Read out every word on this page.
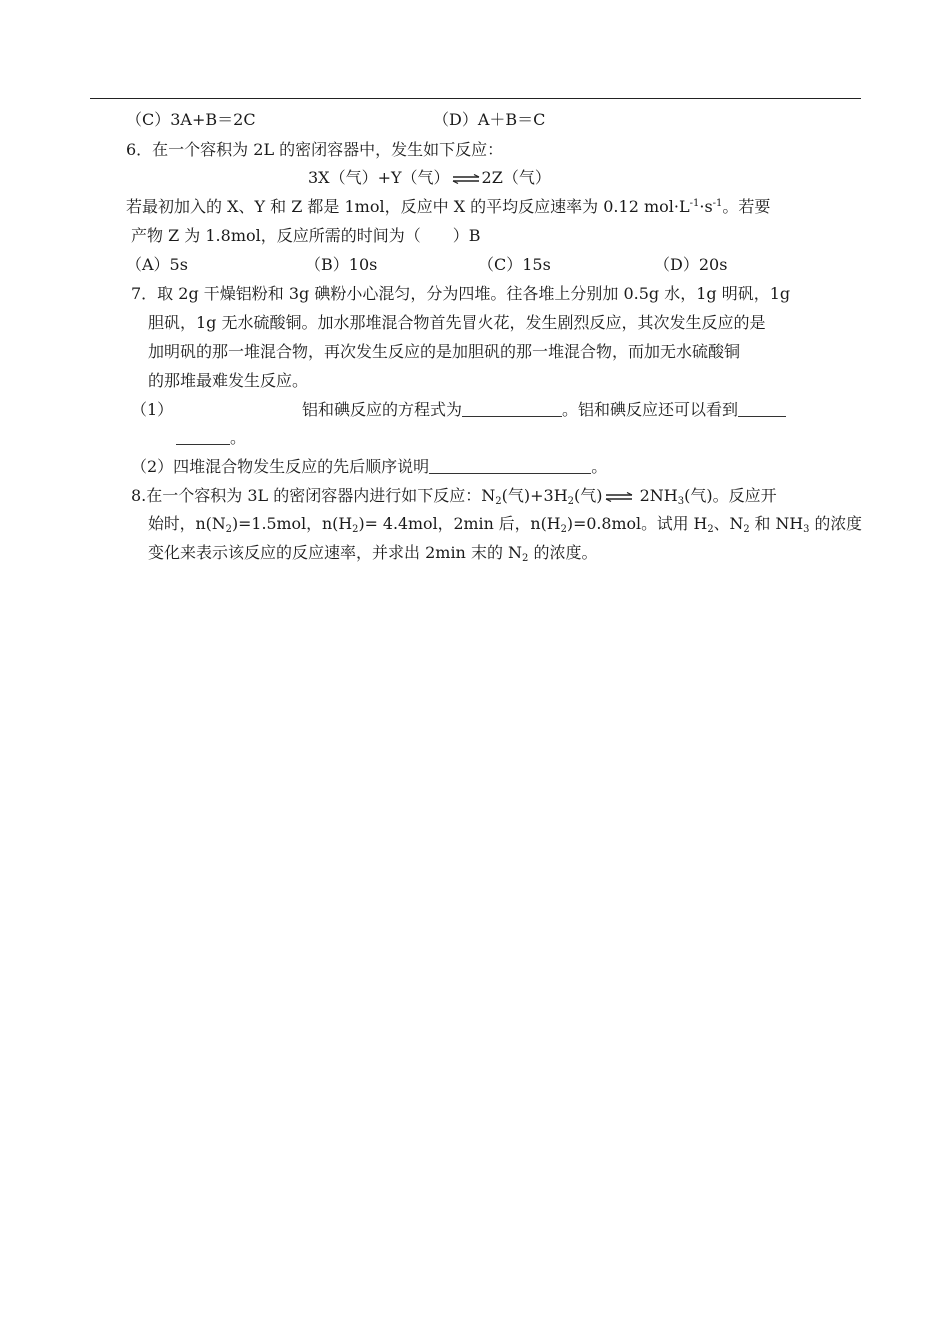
（C）3A+B＝2C	（D）A＋B＝C
6．在一个容积为 2L 的密闭容器中，发生如下反应：
3X（气）+Y（气） ⇌ 2Z（气）
若最初加入的 X、Y 和 Z 都是 1mol，反应中 X 的平均反应速率为 0.12 $mol\cdot L^{-1}\cdot s^{-1}$。若要
产物 Z 为 1.8mol，反应所需的时间为（　　）B
（A）5s	（B）10s	（C）15s	（D）20s
7．取 2g 干燥铝粉和 3g 碘粉小心混匀，分为四堆。往各堆上分别加 0.5g 水，1g 明矾，1g
胆矾，1g 无水硫酸铜。加水那堆混合物首先冒火花，发生剧烈反应，其次发生反应的是
加明矾的那一堆混合物，再次发生反应的是加胆矾的那一堆混合物，而加无水硫酸铜
的那堆最难发生反应。
（1）	铝和碘反应的方程式为	。铝和碘反应还可以看到
。
（2）四堆混合物发生反应的先后顺序说明	。
8.在一个容积为 3L 的密闭容器内进行如下反应：$N_2$(气)$+3H_2$(气) ⇌ $2NH_3$(气)。反应开
始时，$n(N_2)=1.5mol$，$n(H_2)= 4.4mol$，2min 后，$n(H_2)=0.8mol$。试用 $H_2$、$N_2$ 和 $NH_3$ 的浓度
变化来表示该反应的反应速率，并求出 2min 末的 $N_2$ 的浓度。
